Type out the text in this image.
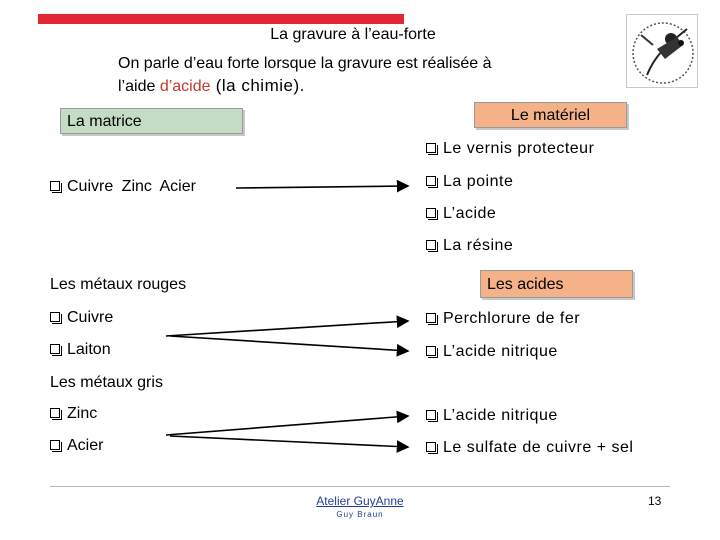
La gravure à l’eau-forte
On parle d’eau forte lorsque la gravure est réalisée à
l’aide d’acide (la chimie).
La matrice	Le matériel
Le vernis protecteur
La pointe
L’acide
La résine
Cuivre Zinc Acier
Les métaux rouges	Les acides
Cuivre
Laiton
Perchlorure de fer
L’acide nitrique
Les métaux gris
Zinc
Acier
L’acide nitrique
Le sulfate de cuivre + sel
Atelier GuyAnne
Guy Braun
13
